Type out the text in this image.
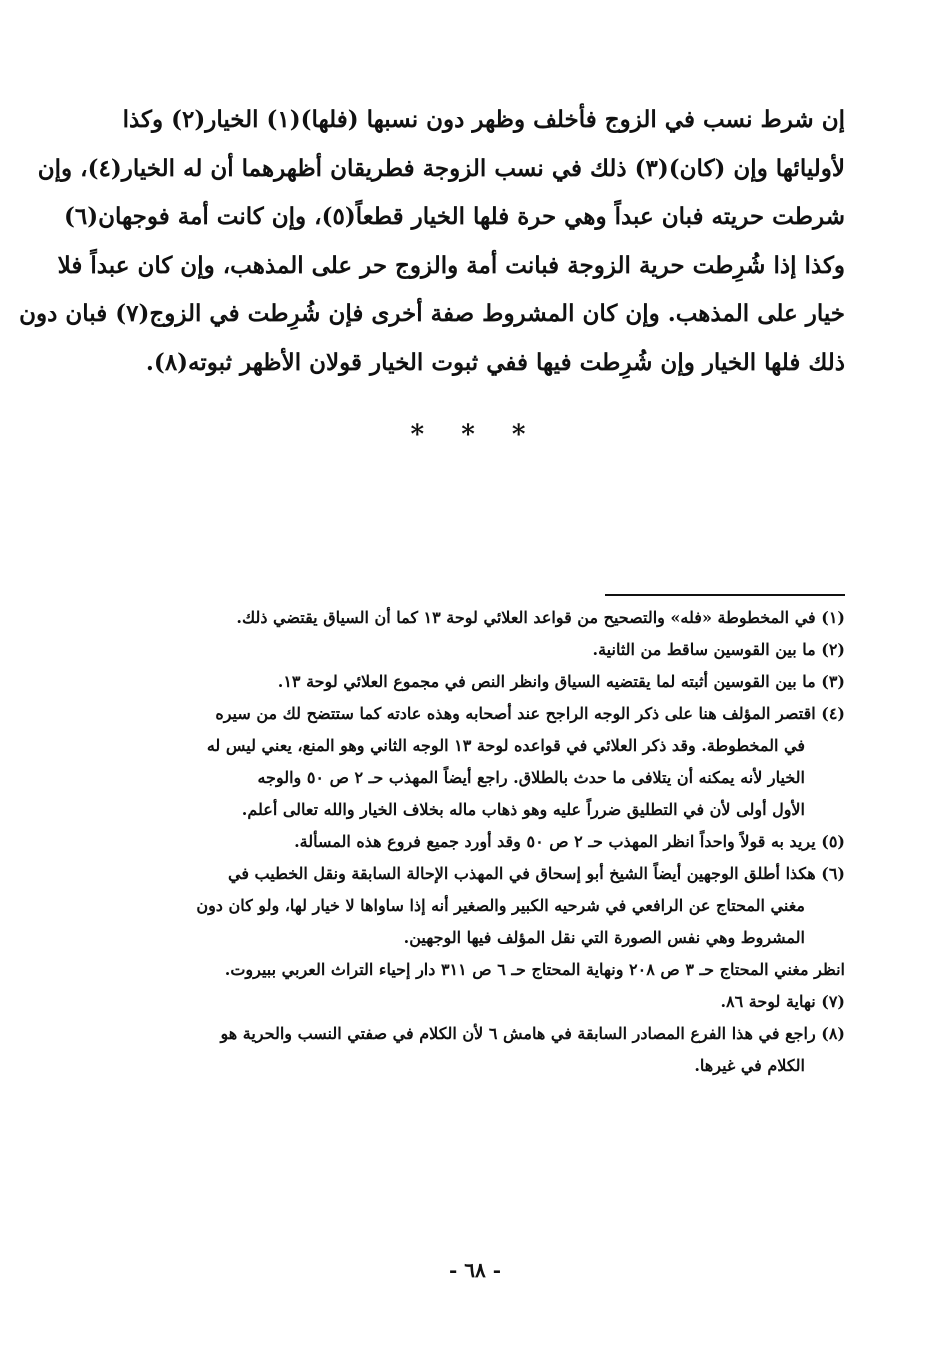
إن شرط نسب في الزوج فأخلف وظهر دون نسبها (فلها)(١) الخيار(٢) وكذا
لأوليائها وإن (كان)(٣) ذلك في نسب الزوجة فطريقان أظهرهما أن له الخيار(٤)، وإن
شرطت حريته فبان عبداً وهي حرة فلها الخيار قطعاً(٥)، وإن كانت أمة فوجهان(٦)
وكذا إذا شُرِطت حرية الزوجة فبانت أمة والزوج حر على المذهب، وإن كان عبداً فلا
خيار على المذهب. وإن كان المشروط صفة أخرى فإن شُرِطت في الزوج(٧) فبان دون
ذلك فلها الخيار وإن شُرِطت فيها ففي ثبوت الخيار قولان الأظهر ثبوته(٨).
* * *
(١) في المخطوطة «فله» والتصحيح من قواعد العلائي لوحة ١٣ كما أن السياق يقتضي ذلك.
(٢) ما بين القوسين ساقط من الثانية.
(٣) ما بين القوسين أثبته لما يقتضيه السياق وانظر النص في مجموع العلائي لوحة ١٣.
(٤) اقتصر المؤلف هنا على ذكر الوجه الراجح عند أصحابه وهذه عادته كما ستتضح لك من سيره
في المخطوطة. وقد ذكر العلائي في قواعده لوحة ١٣ الوجه الثاني وهو المنع، يعني ليس له
الخيار لأنه يمكنه أن يتلافى ما حدث بالطلاق. راجع أيضاً المهذب حـ ٢ ص ٥٠ والوجه
الأول أولى لأن في التطليق ضرراً عليه وهو ذهاب ماله بخلاف الخيار والله تعالى أعلم.
(٥) يريد به قولاً واحداً انظر المهذب حـ ٢ ص ٥٠ وقد أورد جميع فروع هذه المسألة.
(٦) هكذا أطلق الوجهين أيضاً الشيخ أبو إسحاق في المهذب الإحالة السابقة ونقل الخطيب في
مغني المحتاج عن الرافعي في شرحيه الكبير والصغير أنه إذا ساواها لا خيار لها، ولو كان دون
المشروط وهي نفس الصورة التي نقل المؤلف فيها الوجهين.
انظر مغني المحتاج حـ ٣ ص ٢٠٨ ونهاية المحتاج حـ ٦ ص ٣١١ دار إحياء التراث العربي ببيروت.
(٧) نهاية لوحة ٨٦.
(٨) راجع في هذا الفرع المصادر السابقة في هامش ٦ لأن الكلام في صفتي النسب والحرية هو
الكلام في غيرها.
- ٦٨ -
